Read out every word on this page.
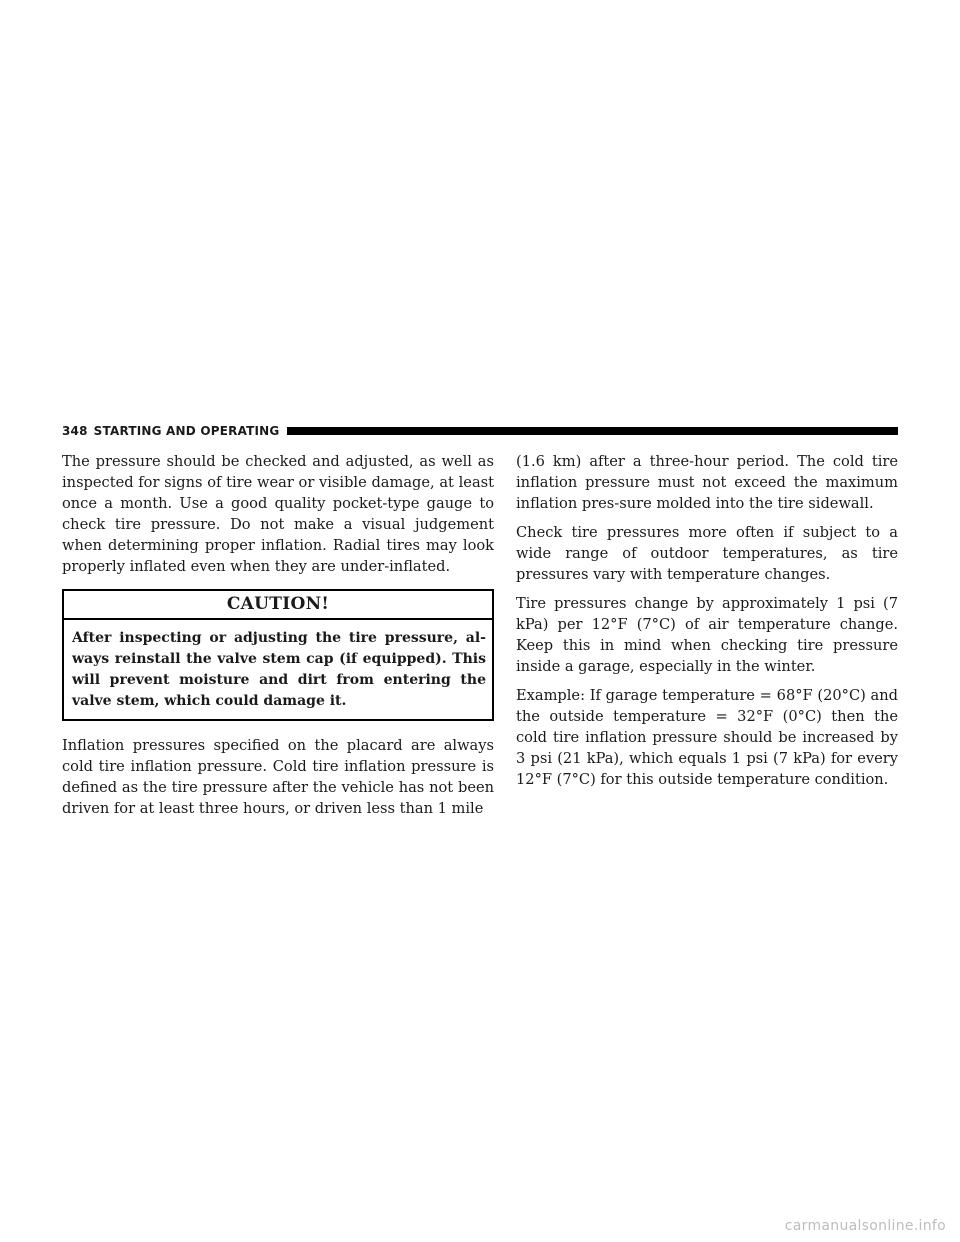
348 STARTING AND OPERATING

The pressure should be checked and adjusted, as well as inspected for signs of tire wear or visible damage, at least once a month. Use a good quality pocket-type gauge to check tire pressure. Do not make a visual judgement when determining proper inflation. Radial tires may look properly inflated even when they are under-inflated.

CAUTION!
After inspecting or adjusting the tire pressure, al-ways reinstall the valve stem cap (if equipped). This will prevent moisture and dirt from entering the valve stem, which could damage it.

Inflation pressures specified on the placard are always cold tire inflation pressure. Cold tire inflation pressure is defined as the tire pressure after the vehicle has not been driven for at least three hours, or driven less than 1 mile

(1.6 km) after a three-hour period. The cold tire inflation pressure must not exceed the maximum inflation pres-sure molded into the tire sidewall.

Check tire pressures more often if subject to a wide range of outdoor temperatures, as tire pressures vary with temperature changes.

Tire pressures change by approximately 1 psi (7 kPa) per 12°F (7°C) of air temperature change. Keep this in mind when checking tire pressure inside a garage, especially in the winter.

Example: If garage temperature = 68°F (20°C) and the outside temperature = 32°F (0°C) then the cold tire inflation pressure should be increased by 3 psi (21 kPa), which equals 1 psi (7 kPa) for every 12°F (7°C) for this outside temperature condition.

carmanualsonline.info
